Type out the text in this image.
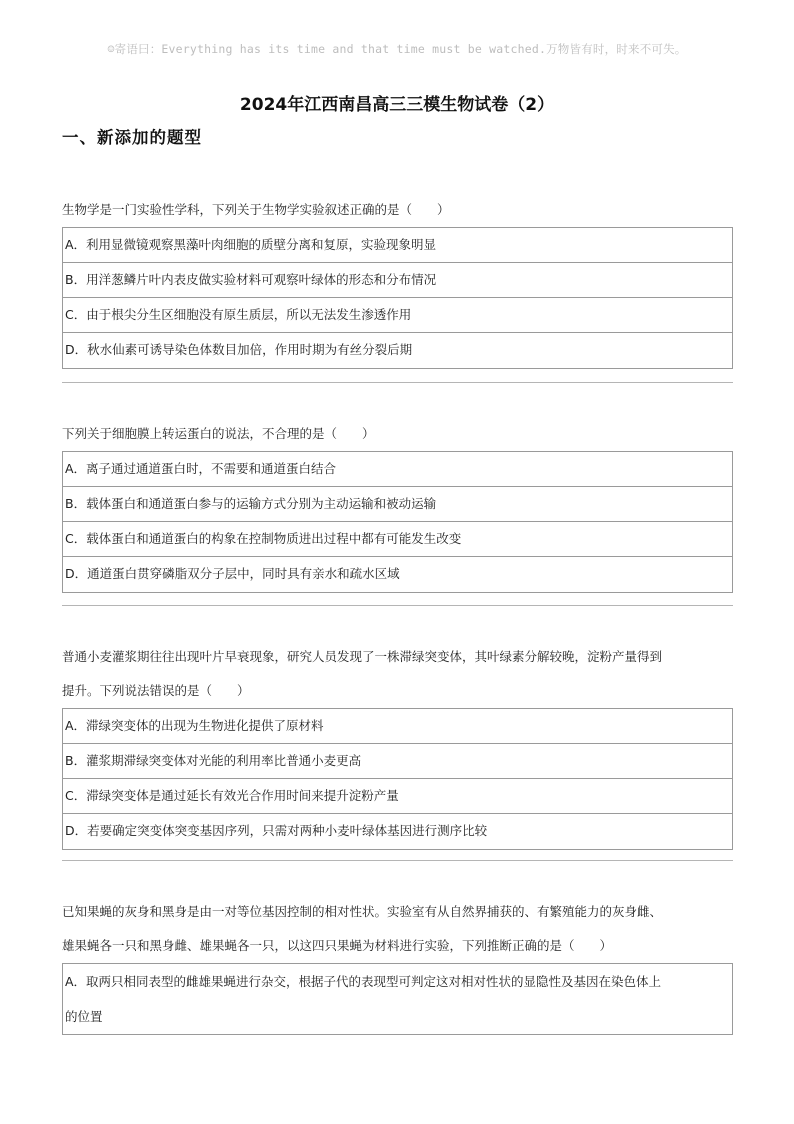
☺寄语曰：Everything has its time and that time must be watched.万物皆有时，时来不可失。
2024年江西南昌高三三模生物试卷（2）
一、新添加的题型
生物学是一门实验性学科，下列关于生物学实验叙述正确的是（　　）
A．利用显微镜观察黑藻叶肉细胞的质壁分离和复原，实验现象明显
B．用洋葱鳞片叶内表皮做实验材料可观察叶绿体的形态和分布情况
C．由于根尖分生区细胞没有原生质层，所以无法发生渗透作用
D．秋水仙素可诱导染色体数目加倍，作用时期为有丝分裂后期
下列关于细胞膜上转运蛋白的说法，不合理的是（　　）
A．离子通过通道蛋白时，不需要和通道蛋白结合
B．载体蛋白和通道蛋白参与的运输方式分别为主动运输和被动运输
C．载体蛋白和通道蛋白的构象在控制物质进出过程中都有可能发生改变
D．通道蛋白贯穿磷脂双分子层中，同时具有亲水和疏水区域
普通小麦灌浆期往往出现叶片早衰现象，研究人员发现了一株滞绿突变体，其叶绿素分解较晚，淀粉产量得到
提升。下列说法错误的是（　　）
A．滞绿突变体的出现为生物进化提供了原材料
B．灌浆期滞绿突变体对光能的利用率比普通小麦更高
C．滞绿突变体是通过延长有效光合作用时间来提升淀粉产量
D．若要确定突变体突变基因序列，只需对两种小麦叶绿体基因进行测序比较
已知果蝇的灰身和黑身是由一对等位基因控制的相对性状。实验室有从自然界捕获的、有繁殖能力的灰身雌、
雄果蝇各一只和黑身雌、雄果蝇各一只，以这四只果蝇为材料进行实验，下列推断正确的是（　　）
A．取两只相同表型的雌雄果蝇进行杂交，根据子代的表现型可判定这对相对性状的显隐性及基因在染色体上
的位置
